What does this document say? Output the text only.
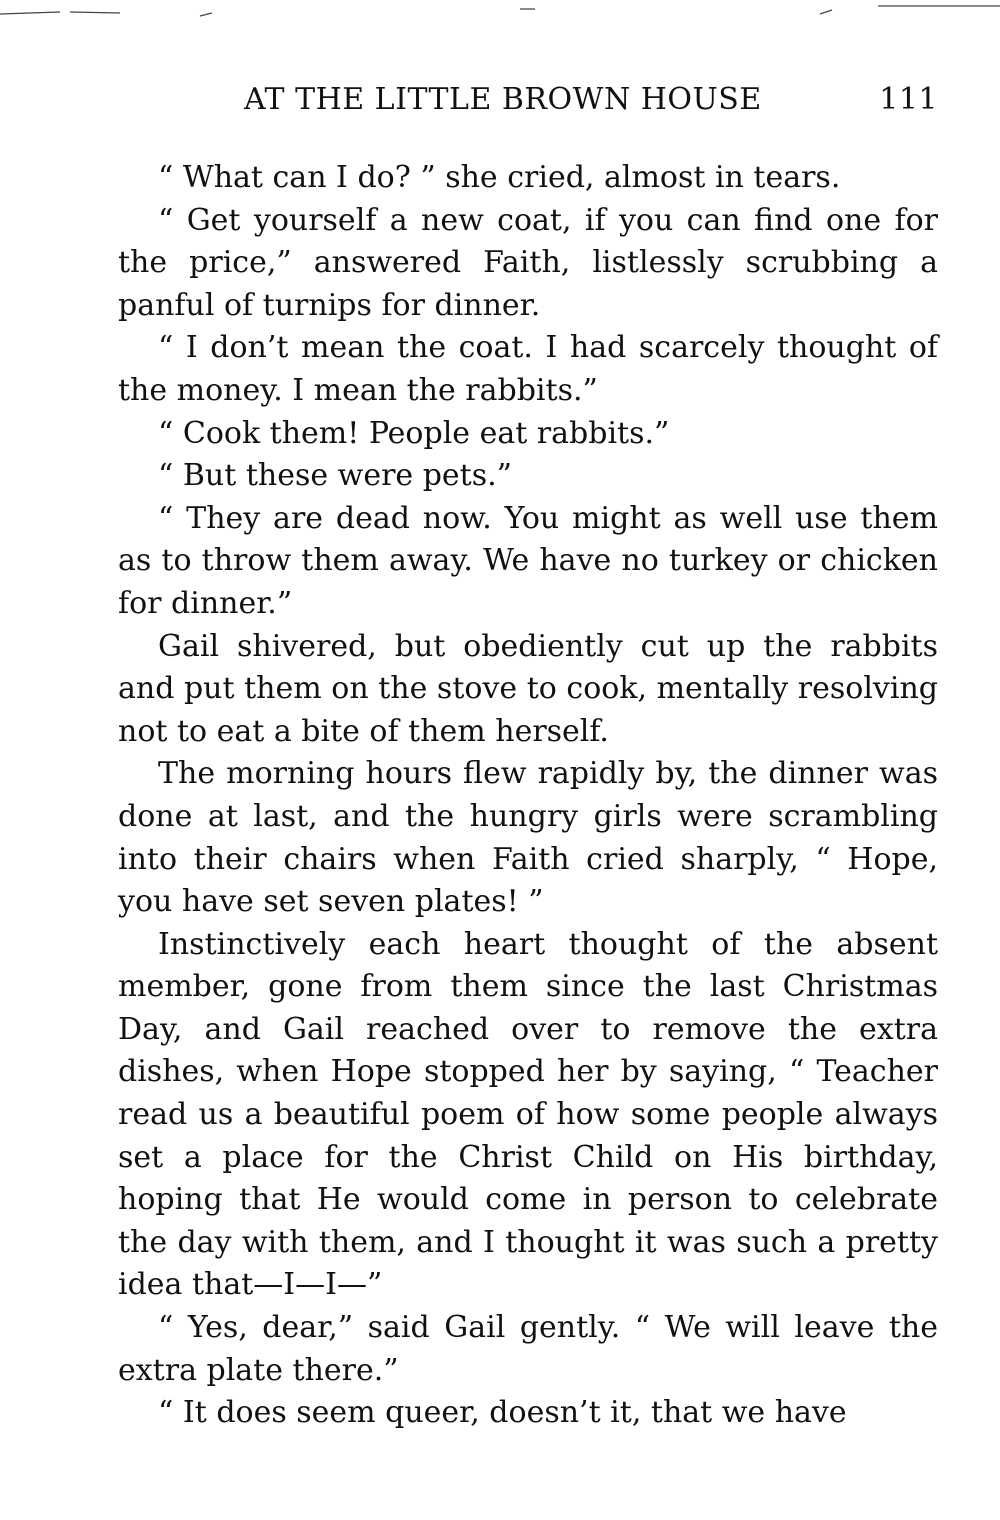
AT THE LITTLE BROWN HOUSE	111

“ What can I do? ” she cried, almost in tears.

“ Get yourself a new coat, if you can find one for the price,” answered Faith, listlessly scrubbing a panful of turnips for dinner.

“ I don’t mean the coat. I had scarcely thought of the money. I mean the rabbits.”

“ Cook them! People eat rabbits.”

“ But these were pets.”

“ They are dead now. You might as well use them as to throw them away. We have no turkey or chicken for dinner.”

Gail shivered, but obediently cut up the rabbits and put them on the stove to cook, mentally resolving not to eat a bite of them herself.

The morning hours flew rapidly by, the dinner was done at last, and the hungry girls were scrambling into their chairs when Faith cried sharply, “ Hope, you have set seven plates! ”

Instinctively each heart thought of the absent member, gone from them since the last Christmas Day, and Gail reached over to remove the extra dishes, when Hope stopped her by saying, “ Teacher read us a beautiful poem of how some people always set a place for the Christ Child on His birthday, hoping that He would come in person to celebrate the day with them, and I thought it was such a pretty idea that—I—I—”

“ Yes, dear,” said Gail gently. “ We will leave the extra plate there.”

“ It does seem queer, doesn’t it, that we have
